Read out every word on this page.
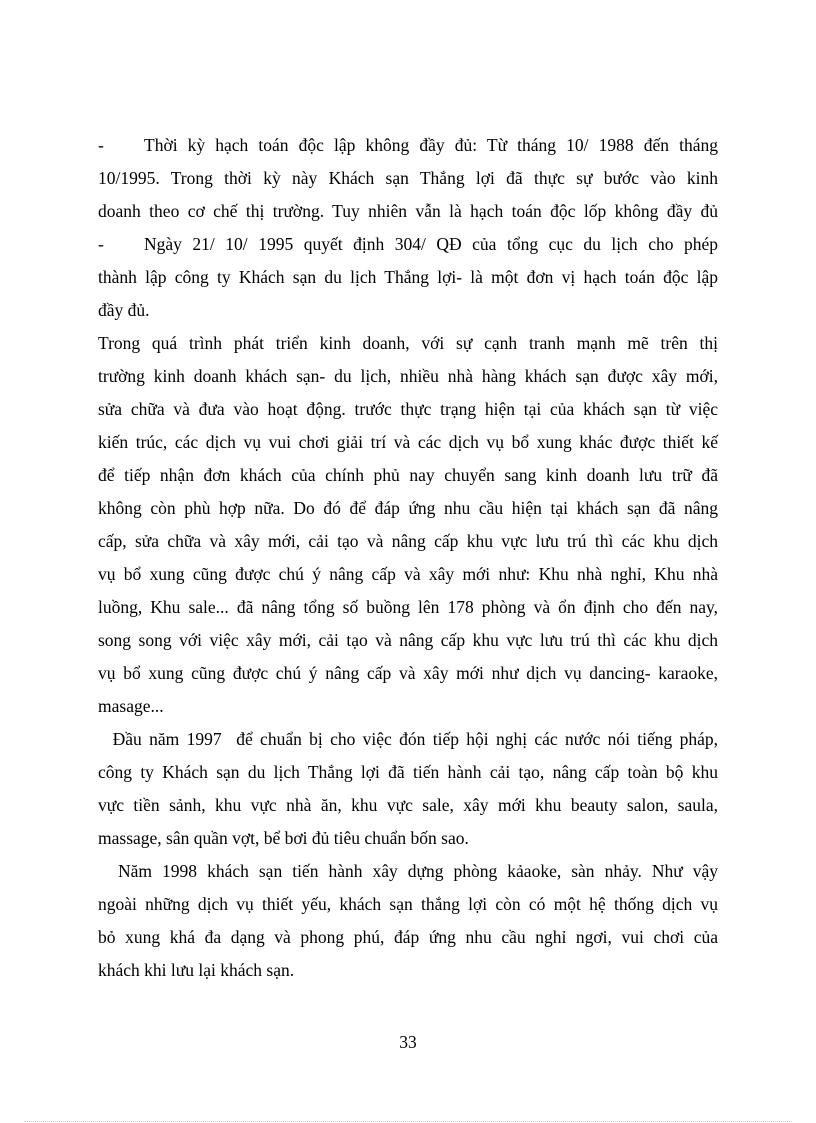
-	Thời kỳ hạch toán độc lập không đầy đủ: Từ tháng 10/ 1988 đến tháng
10/1995. Trong thời kỳ này Khách sạn Thắng lợi đã thực sự bước vào kinh
doanh theo cơ chế thị trường. Tuy nhiên vẫn là hạch toán độc lốp không đầy đủ
-	Ngày 21/ 10/ 1995 quyết định 304/ QĐ của tổng cục du lịch cho phép
thành lập công ty Khách sạn du lịch Thắng lợi- là một đơn vị hạch toán độc lập
đầy đủ.
Trong quá trình phát triển kinh doanh, với sự cạnh tranh mạnh mẽ trên thị
trường kinh doanh khách sạn- du lịch, nhiều nhà hàng khách sạn được xây mới,
sửa chữa và đưa vào hoạt động. trước thực trạng hiện tại của khách sạn từ việc
kiến trúc, các dịch vụ vui chơi giải trí và các dịch vụ bổ xung khác được thiết kế
để tiếp nhận đơn khách của chính phủ nay chuyển sang kinh doanh lưu trữ đã
không còn phù hợp nữa. Do đó để đáp ứng nhu cầu hiện tại khách sạn đã nâng
cấp, sửa chữa và xây mới, cải tạo và nâng cấp khu vực lưu trú thì các khu dịch
vụ bổ xung cũng được chú ý nâng cấp và xây mới như: Khu nhà nghỉ, Khu nhà
luồng, Khu sale... đã nâng tổng số buồng lên 178 phòng và ổn định cho đến nay,
song song với việc xây mới, cải tạo và nâng cấp khu vực lưu trú thì các khu dịch
vụ bổ xung cũng được chú ý nâng cấp và xây mới như dịch vụ dancing- karaoke,
masage...
Đầu năm 1997  để chuẩn bị cho việc đón tiếp hội nghị các nước nói tiếng pháp,
công ty Khách sạn du lịch Thắng lợi đã tiến hành cải tạo, nâng cấp toàn bộ khu
vực tiền sảnh, khu vực nhà ăn, khu vực sale, xây mới khu beauty salon, saula,
massage, sân quần vợt, bể bơi đủ tiêu chuẩn bốn sao.
Năm 1998 khách sạn tiến hành xây dựng phòng kảaoke, sàn nhảy. Như vậy
ngoài những dịch vụ thiết yếu, khách sạn thắng lợi còn có một hệ thống dịch vụ
bỏ xung khá đa dạng và phong phú, đáp ứng nhu cầu nghỉ ngơi, vui chơi của
khách khi lưu lại khách sạn.
33
